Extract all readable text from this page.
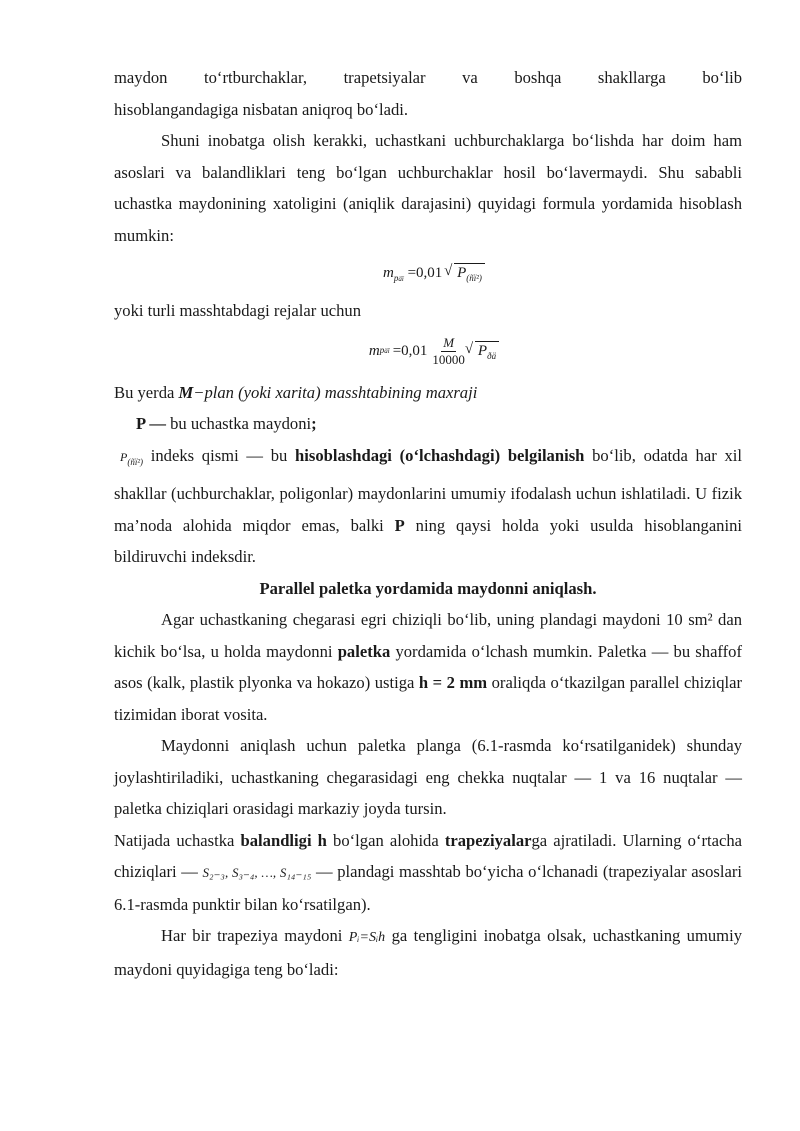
maydon to‘rtburchaklar, trapetsiyalar va boshqa shakllarga bo‘lib

hisoblangandagiga nisbatan aniqroq bo‘ladi.

Shuni inobatga olish kerakki, uchastkani uchburchaklarga bo‘lishda har doim ham asoslari va balandliklari teng bo‘lgan uchburchaklar hosil bo‘lavermaydi. Shu sababli uchastka maydonining xatoligini (aniqlik darajasini) quyidagi formula yordamida hisoblash mumkin:

$m_{päï} =0,01$ √ $P_{(ñï^2)}$

yoki turli masshtabdagi rejalar uchun

m päï $=0,01 \frac{M}{10000}$ √ $P_{ðä}$

Bu yerda M−plan (yoki xarita) masshtabining maxraji

P — bu uchastka maydoni;

$P_{(ñï^2)}$ indeks qismi — bu hisoblashdagi (o‘lchashdagi) belgilanish bo‘lib, odatda har xil shakllar (uchburchaklar, poligonlar) maydonlarini umumiy ifodalash uchun ishlatiladi. U fizik ma’noda alohida miqdor emas, balki P ning qaysi holda yoki usulda hisoblanganini bildiruvchi indeksdir.

Parallel paletka yordamida maydonni aniqlash.

Agar uchastkaning chegarasi egri chiziqli bo‘lib, uning plandagi maydoni 10 sm² dan kichik bo‘lsa, u holda maydonni paletka yordamida o‘lchash mumkin. Paletka — bu shaffof asos (kalk, plastik plyonka va hokazo) ustiga h = 2 mm oraliqda o‘tkazilgan parallel chiziqlar tizimidan iborat vosita.

Maydonni aniqlash uchun paletka planga (6.1-rasmda ko‘rsatilganidek) shunday joylashtiriladiki, uchastkaning chegarasidagi eng chekka nuqtalar — 1 va 16 nuqtalar — paletka chiziqlari orasidagi markaziy joyda tursin.

Natijada uchastka balandligi h bo‘lgan alohida trapeziyalarga ajratiladi. Ularning o‘rtacha chiziqlari — S₂₋₃, S₃₋₄, …, S₁₄₋₁₅ — plandagi masshtab bo‘yicha o‘lchanadi (trapeziyalar asoslari 6.1-rasmda punktir bilan ko‘rsatilgan).

Har bir trapeziya maydoni Pᵢ=Sᵢh ga tengligini inobatga olsak, uchastkaning umumiy maydoni quyidagiga teng bo‘ladi:
